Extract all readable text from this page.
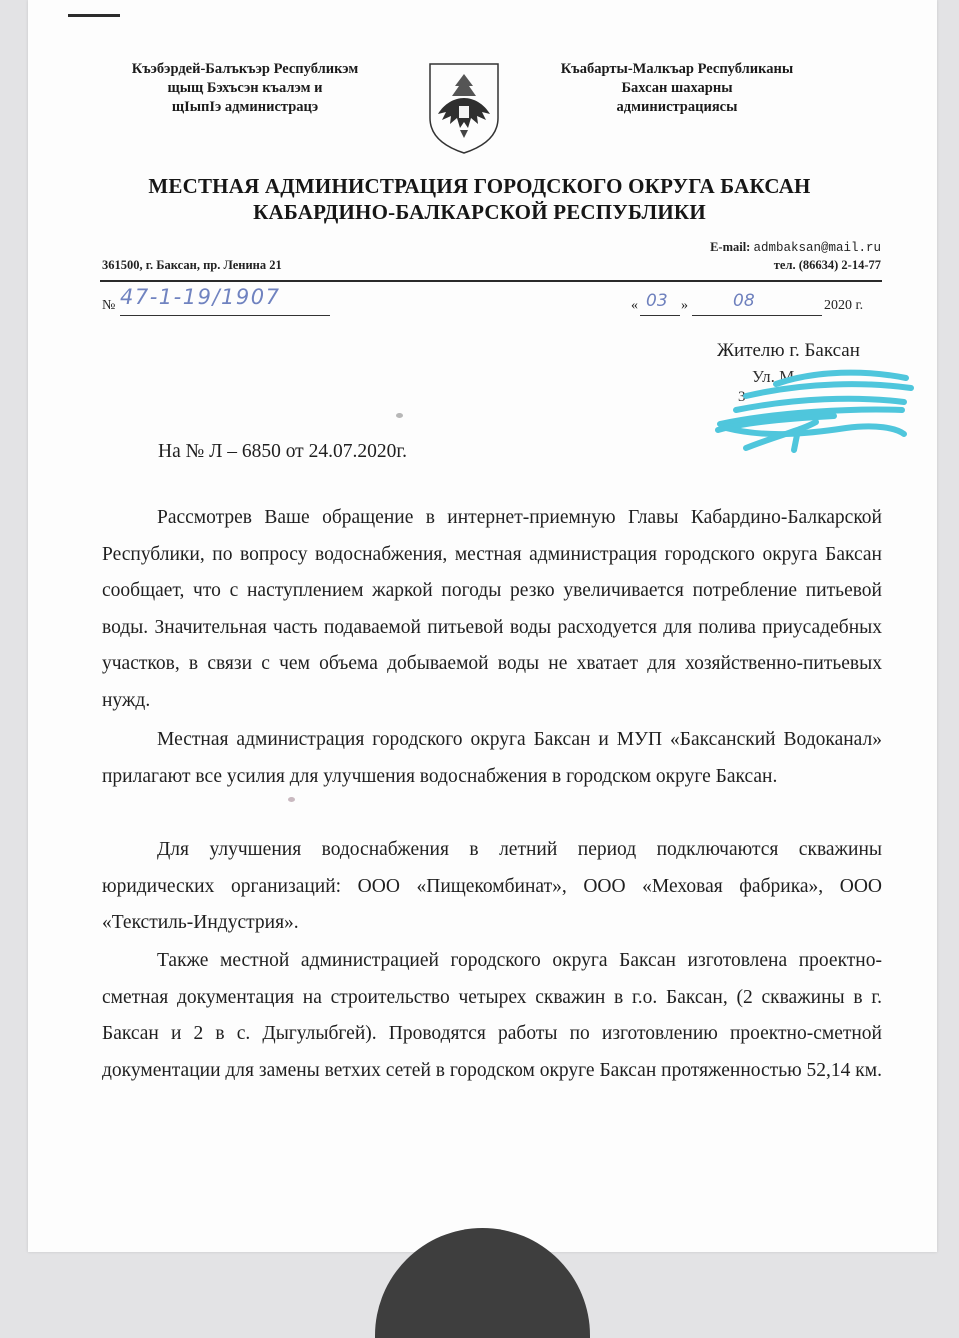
Къэбэрдей-Балъкъэр Республикэм
щыщ Бэхъсэн къалэм и
щIыпIэ администрацэ
Къабарты-Малкъар Республиканы
Бахсан шахарны
администрациясы
МЕСТНАЯ АДМИНИСТРАЦИЯ ГОРОДСКОГО ОКРУГА БАКСАН
КАБАРДИНО-БАЛКАРСКОЙ РЕСПУБЛИКИ
E-mail: admbaksan@mail.ru
361500, г. Баксан, пр. Ленина 21	тел. (86634) 2-14-77
№ 47-1-19/1907	« 03 »	08	2020 г.
Жителю г. Баксан
Ул. М
3
На № Л – 6850 от 24.07.2020г.

Рассмотрев Ваше обращение в интернет-приемную Главы Кабардино-Балкарской Республики, по вопросу водоснабжения, местная администрация городского округа Баксан сообщает, что с наступлением жаркой погоды резко увеличивается потребление питьевой воды. Значительная часть подаваемой питьевой воды расходуется для полива приусадебных участков, в связи с чем объема добываемой воды не хватает для хозяйственно-питьевых нужд.

Местная администрация городского округа Баксан и МУП «Баксанский Водоканал» прилагают все усилия для улучшения водоснабжения в городском округе Баксан.

Для улучшения водоснабжения в летний период подключаются скважины юридических организаций: ООО «Пищекомбинат», ООО «Меховая фабрика», ООО «Текстиль-Индустрия».

Также местной администрацией городского округа Баксан изготовлена проектно-сметная документация на строительство четырех скважин в г.о. Баксан, (2 скважины в г. Баксан и 2 в с. Дыгулыбгей). Проводятся работы по изготовлению проектно-сметной документации для замены ветхих сетей в городском округе Баксан протяженностью 52,14 км.
